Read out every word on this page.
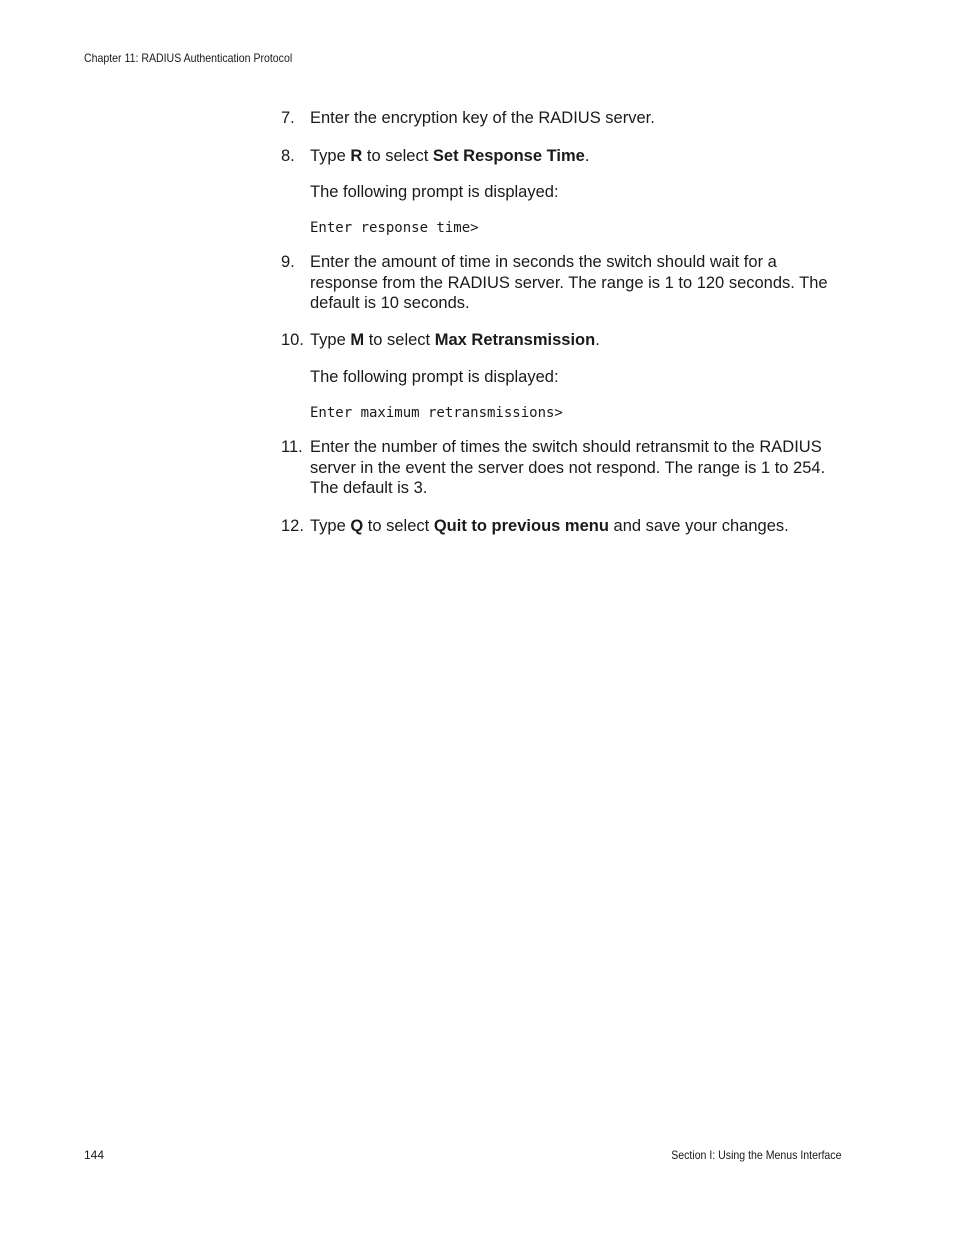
Chapter 11: RADIUS Authentication Protocol
7. Enter the encryption key of the RADIUS server.
8. Type R to select Set Response Time.

The following prompt is displayed:

Enter response time>
9. Enter the amount of time in seconds the switch should wait for a response from the RADIUS server. The range is 1 to 120 seconds. The default is 10 seconds.
10. Type M to select Max Retransmission.

The following prompt is displayed:

Enter maximum retransmissions>
11. Enter the number of times the switch should retransmit to the RADIUS server in the event the server does not respond. The range is 1 to 254. The default is 3.
12. Type Q to select Quit to previous menu and save your changes.
144	Section I: Using the Menus Interface
